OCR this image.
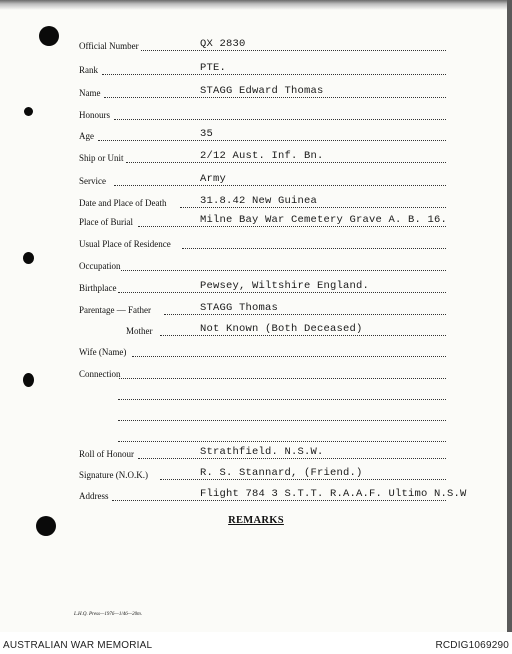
Official Number	QX 2830
Rank	PTE.
Name	STAGG Edward Thomas
Honours
Age	35
Ship or Unit	2/12 Aust. Inf. Bn.
Service	Army
Date and Place of Death	31.8.42 New Guinea
Place of Burial	Milne Bay War Cemetery Grave A. B. 16.
Usual Place of Residence
Occupation
Birthplace	Pewsey, Wiltshire England.
Parentage — Father	STAGG Thomas
Mother	Not Known (Both Deceased)
Wife (Name)
Connection
Roll of Honour	Strathfield. N.S.W.
Signature (N.O.K.)	R. S. Stannard, (Friend.)
Address	Flight 784 3 S.T.T. R.A.A.F. Ultimo N.S.W
REMARKS
L.H.Q. Press—1976—1/46—20m.
AUSTRALIAN WAR MEMORIAL	RCDIG1069290
